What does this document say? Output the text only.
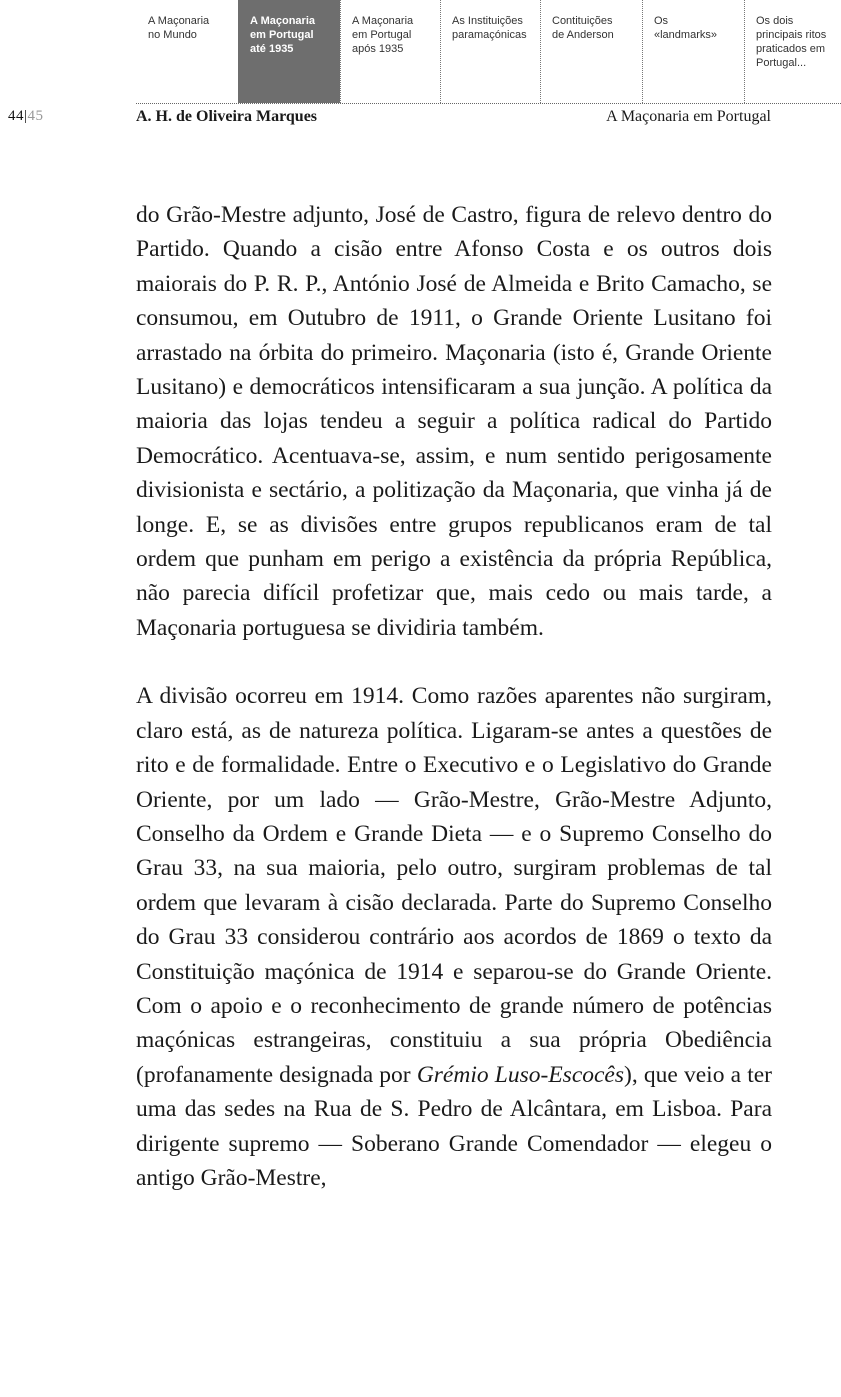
A Maçonaria
no Mundo
A Maçonaria
em Portugal
até 1935
A Maçonaria
em Portugal
após 1935
As Instituições
paramaçónicas
Contituições
de Anderson
Os
«landmarks»
Os dois
principais ritos
praticados em
Portugal...
44|45	A. H. de Oliveira Marques	A Maçonaria em Portugal

do Grão-Mestre adjunto, José de Castro, figura de relevo dentro do Partido. Quando a cisão entre Afonso Costa e os outros dois maiorais do P. R. P., António José de Almeida e Brito Camacho, se consumou, em Outubro de 1911, o Grande Oriente Lusitano foi arrastado na órbita do primeiro. Maçonaria (isto é, Grande Oriente Lusitano) e democráticos intensificaram a sua junção. A política da maioria das lojas tendeu a seguir a política radical do Partido Democrático. Acentuava-se, assim, e num sentido perigosamente divisionista e sectário, a politização da Maçonaria, que vinha já de longe. E, se as divisões entre grupos republicanos eram de tal ordem que punham em perigo a existência da própria República, não parecia difícil profetizar que, mais cedo ou mais tarde, a Maçonaria portuguesa se dividiria também.

A divisão ocorreu em 1914. Como razões aparentes não surgiram, claro está, as de natureza política. Ligaram-se antes a questões de rito e de formalidade. Entre o Executivo e o Legislativo do Grande Oriente, por um lado — Grão-Mestre, Grão-Mestre Adjunto, Conselho da Ordem e Grande Dieta — e o Supremo Conselho do Grau 33, na sua maioria, pelo outro, surgiram problemas de tal ordem que levaram à cisão declarada. Parte do Supremo Conselho do Grau 33 considerou contrário aos acordos de 1869 o texto da Constituição maçónica de 1914 e separou-se do Grande Oriente. Com o apoio e o reconhecimento de grande número de potências maçónicas estrangeiras, constituiu a sua própria Obediência (profanamente designada por Grémio Luso-Escocês), que veio a ter uma das sedes na Rua de S. Pedro de Alcântara, em Lisboa. Para dirigente supremo — Soberano Grande Comendador — elegeu o antigo Grão-Mestre,
